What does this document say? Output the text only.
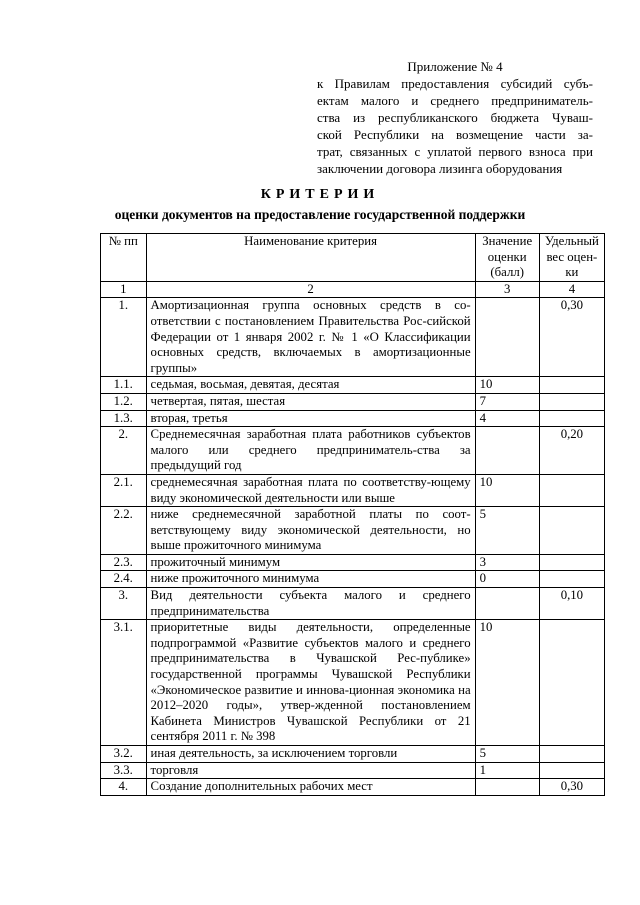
Приложение № 4
к Правилам предоставления субсидий субъ-
ектам малого и среднего предприниматель-
ства из республиканского бюджета Чуваш-
ской Республики на возмещение части за-
трат, связанных с уплатой первого взноса при
заключении договора лизинга оборудования
КРИТЕРИИ
оценки документов на предоставление государственной поддержки
№ пп	Наименование критерия	Значение оценки (балл)	Удельный вес оцен-ки
1	2	3	4
1.	Амортизационная группа основных средств в со-ответствии с постановлением Правительства Рос-сийской Федерации от 1 января 2002 г. № 1 «О Классификации основных средств, включаемых в амортизационные группы»		0,30
1.1.	седьмая, восьмая, девятая, десятая	10	
1.2.	четвертая, пятая, шестая	7	
1.3.	вторая, третья	4	
2.	Среднемесячная заработная плата работников субъектов малого или среднего предприниматель-ства за предыдущий год		0,20
2.1.	среднемесячная заработная плата по соответству-ющему виду экономической деятельности или выше	10	
2.2.	ниже среднемесячной заработной платы по соот-ветствующему виду экономической деятельности, но выше прожиточного минимума	5	
2.3.	прожиточный минимум	3	
2.4.	ниже прожиточного минимума	0	
3.	Вид деятельности субъекта малого и среднего предпринимательства		0,10
3.1.	приоритетные виды деятельности, определенные подпрограммой «Развитие субъектов малого и среднего предпринимательства в Чувашской Рес-публике» государственной программы Чувашской Республики «Экономическое развитие и иннова-ционная экономика на 2012–2020 годы», утвер-жденной постановлением Кабинета Министров Чувашской Республики от 21 сентября 2011 г. № 398	10	
3.2.	иная деятельность, за исключением торговли	5	
3.3.	торговля	1	
4.	Создание дополнительных рабочих мест		0,30
